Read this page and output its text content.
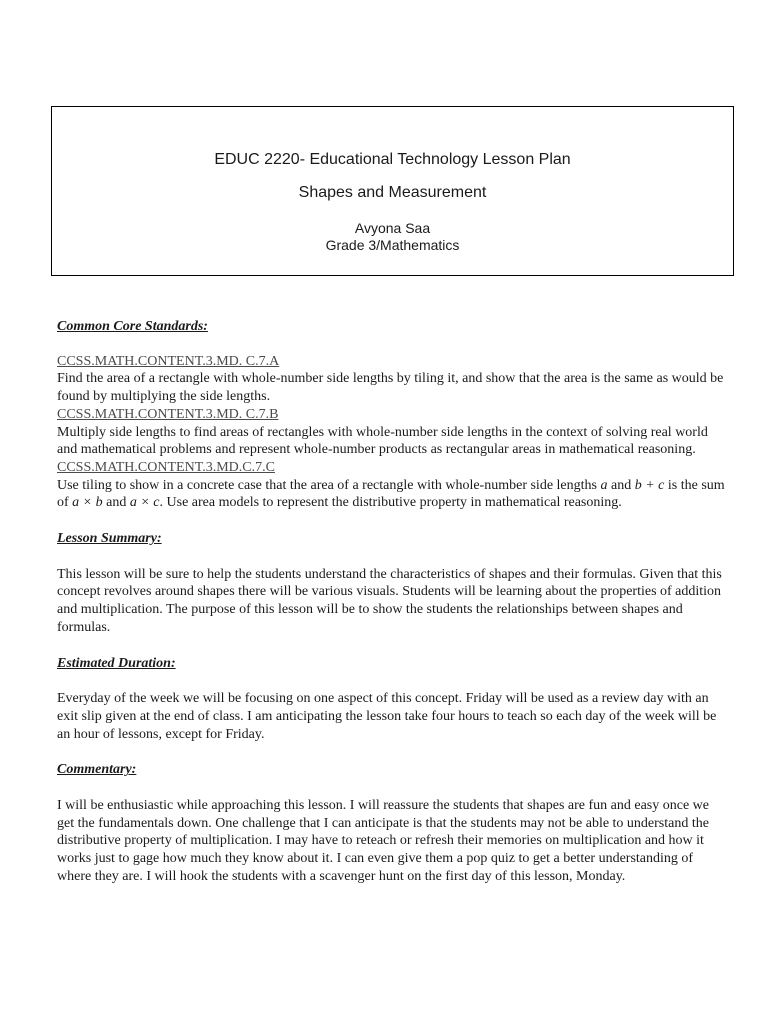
EDUC 2220- Educational Technology Lesson Plan
Shapes and Measurement
Avyona Saa
Grade 3/Mathematics
Common Core Standards:
CCSS.MATH.CONTENT.3.MD. C.7.A
Find the area of a rectangle with whole-number side lengths by tiling it, and show that the area is the same as would be found by multiplying the side lengths.
CCSS.MATH.CONTENT.3.MD. C.7.B
Multiply side lengths to find areas of rectangles with whole-number side lengths in the context of solving real world and mathematical problems and represent whole-number products as rectangular areas in mathematical reasoning.
CCSS.MATH.CONTENT.3.MD.C.7.C
Use tiling to show in a concrete case that the area of a rectangle with whole-number side lengths a and b + c is the sum of a × b and a × c. Use area models to represent the distributive property in mathematical reasoning.
Lesson Summary:

This lesson will be sure to help the students understand the characteristics of shapes and their formulas. Given that this concept revolves around shapes there will be various visuals. Students will be learning about the properties of addition and multiplication. The purpose of this lesson will be to show the students the relationships between shapes and formulas.

Estimated Duration:

Everyday of the week we will be focusing on one aspect of this concept. Friday will be used as a review day with an exit slip given at the end of class. I am anticipating the lesson take four hours to teach so each day of the week will be an hour of lessons, except for Friday.

Commentary:

I will be enthusiastic while approaching this lesson. I will reassure the students that shapes are fun and easy once we get the fundamentals down. One challenge that I can anticipate is that the students may not be able to understand the distributive property of multiplication. I may have to reteach or refresh their memories on multiplication and how it works just to gage how much they know about it. I can even give them a pop quiz to get a better understanding of where they are. I will hook the students with a scavenger hunt on the first day of this lesson, Monday.
